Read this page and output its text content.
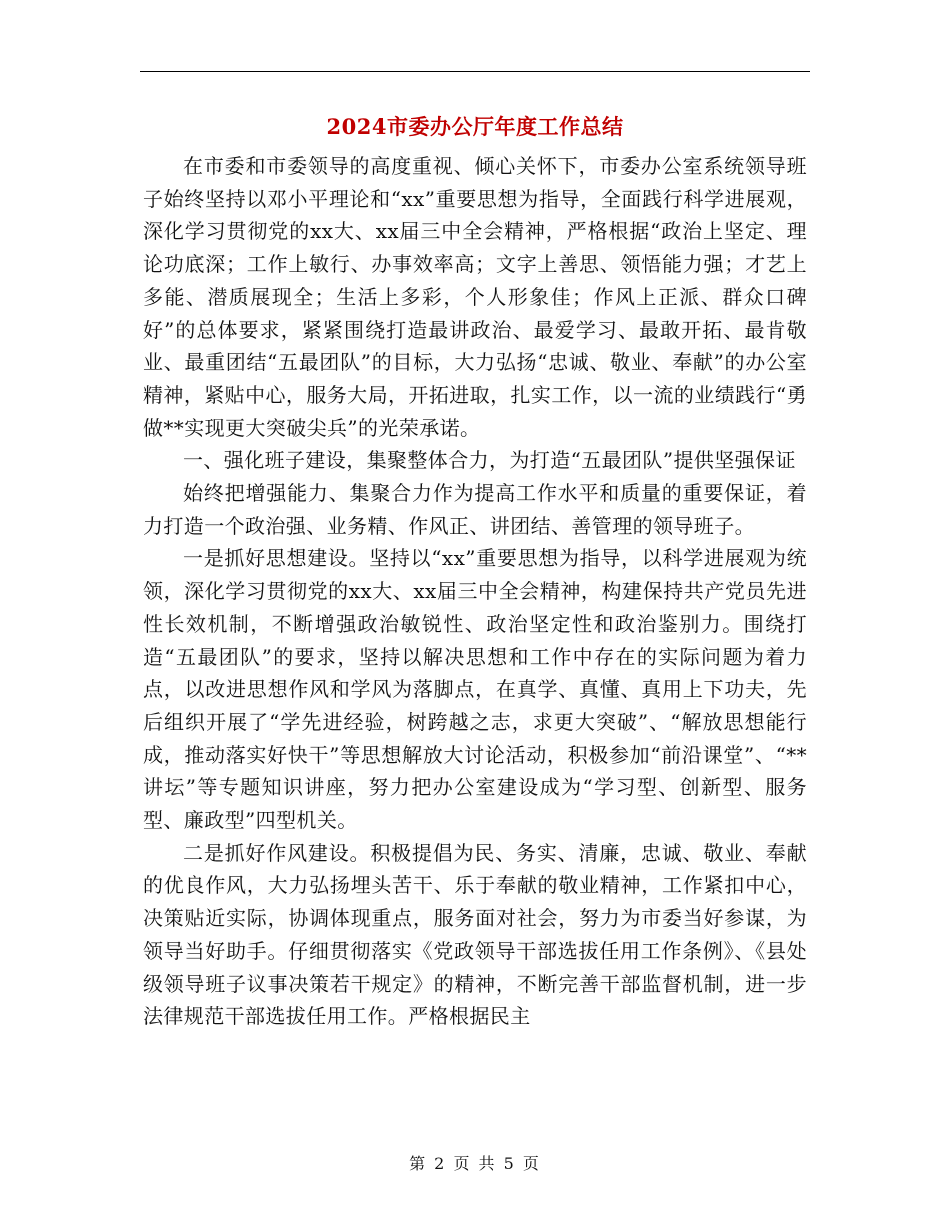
2024市委办公厅年度工作总结

在市委和市委领导的高度重视、倾心关怀下，市委办公室系统领导班子始终坚持以邓小平理论和“xx”重要思想为指导，全面践行科学进展观，深化学习贯彻党的xx大、xx届三中全会精神，严格根据“政治上坚定、理论功底深；工作上敏行、办事效率高；文字上善思、领悟能力强；才艺上多能、潜质展现全；生活上多彩，个人形象佳；作风上正派、群众口碑好”的总体要求，紧紧围绕打造最讲政治、最爱学习、最敢开拓、最肯敬业、最重团结“五最团队”的目标，大力弘扬“忠诚、敬业、奉献”的办公室精神，紧贴中心，服务大局，开拓进取，扎实工作，以一流的业绩践行“勇做**实现更大突破尖兵”的光荣承诺。

一、强化班子建设，集聚整体合力，为打造“五最团队”提供坚强保证

始终把增强能力、集聚合力作为提高工作水平和质量的重要保证，着力打造一个政治强、业务精、作风正、讲团结、善管理的领导班子。

一是抓好思想建设。坚持以“xx”重要思想为指导，以科学进展观为统领，深化学习贯彻党的xx大、xx届三中全会精神，构建保持共产党员先进性长效机制，不断增强政治敏锐性、政治坚定性和政治鉴别力。围绕打造“五最团队”的要求，坚持以解决思想和工作中存在的实际问题为着力点，以改进思想作风和学风为落脚点，在真学、真懂、真用上下功夫，先后组织开展了“学先进经验，树跨越之志，求更大突破”、“解放思想能行成，推动落实好快干”等思想解放大讨论活动，积极参加“前沿课堂”、“**讲坛”等专题知识讲座，努力把办公室建设成为“学习型、创新型、服务型、廉政型”四型机关。

二是抓好作风建设。积极提倡为民、务实、清廉，忠诚、敬业、奉献的优良作风，大力弘扬埋头苦干、乐于奉献的敬业精神，工作紧扣中心，决策贴近实际，协调体现重点，服务面对社会，努力为市委当好参谋，为领导当好助手。仔细贯彻落实《党政领导干部选拔任用工作条例》、《县处级领导班子议事决策若干规定》的精神，不断完善干部监督机制，进一步法律规范干部选拔任用工作。严格根据民主

第 2 页 共 5 页
